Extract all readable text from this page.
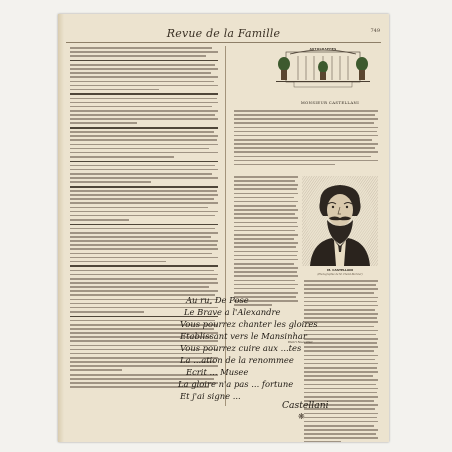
Revue de la Famille	749
AUTOGRAPHES
MONSIEUR CASTELLANI
M. CASTELLANI
(Photographie de M. Chalot-Mercier)
Henri Nuevillier.
❋
Au ru, De Pose
Le Brave a l'Alexandre
Vous pourrez chanter les gloires
Etablissant vers le Mansinhar
Vous pourrez cuire aux ...tes
La ...ation de la renommee
Ecrit ... Musee
La gloire n'a pas ... fortune
Et j'ai signe ...
Castellani
